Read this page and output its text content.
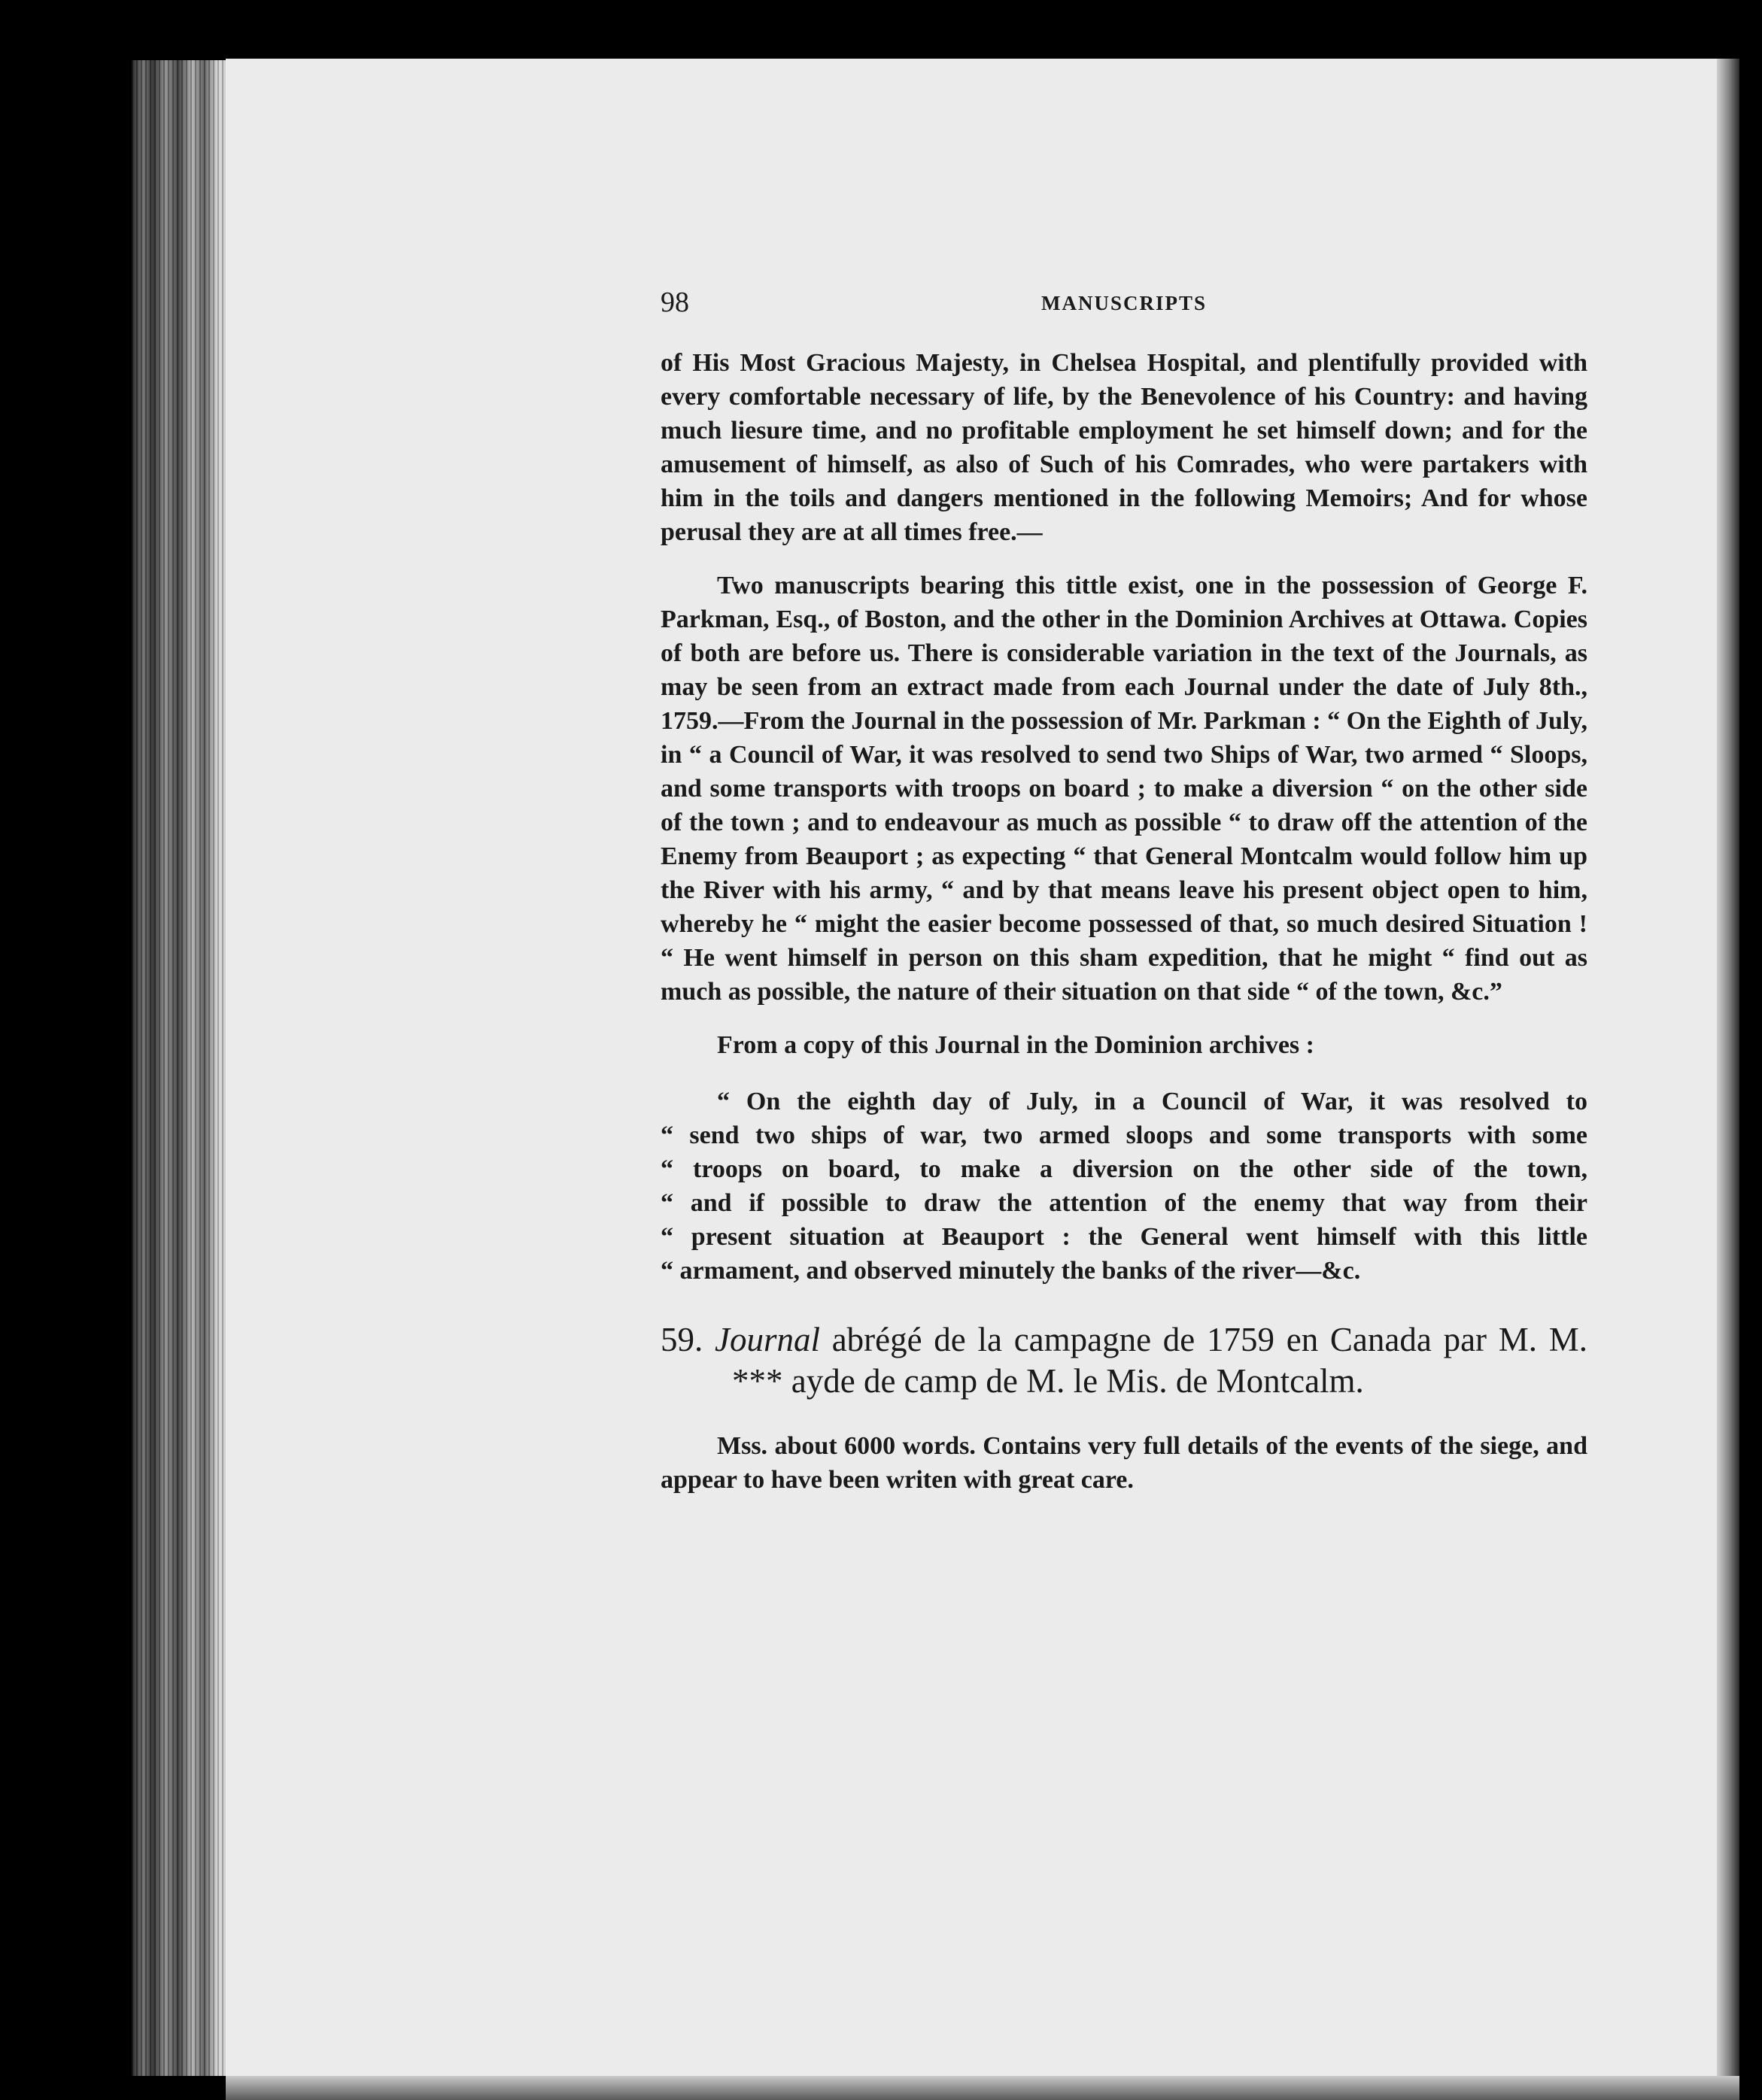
98	MANUSCRIPTS

of His Most Gracious Majesty, in Chelsea Hospital, and plentifully provided with every comfortable necessary of life, by the Benevolence of his Country: and having much liesure time, and no profitable employment he set himself down; and for the amusement of himself, as also of Such of his Comrades, who were partakers with him in the toils and dangers mentioned in the following Memoirs; And for whose perusal they are at all times free.—

Two manuscripts bearing this tittle exist, one in the possession of George F. Parkman, Esq., of Boston, and the other in the Dominion Archives at Ottawa. Copies of both are before us. There is considerable variation in the text of the Journals, as may be seen from an extract made from each Journal under the date of July 8th., 1759.—From the Journal in the possession of Mr. Parkman : “ On the Eighth of July, in “ a Council of War, it was resolved to send two Ships of War, two armed “ Sloops, and some transports with troops on board ; to make a diversion “ on the other side of the town ; and to endeavour as much as possible “ to draw off the attention of the Enemy from Beauport ; as expecting “ that General Montcalm would follow him up the River with his army, “ and by that means leave his present object open to him, whereby he “ might the easier become possessed of that, so much desired Situation ! “ He went himself in person on this sham expedition, that he might “ find out as much as possible, the nature of their situation on that side “ of the town, &c.”

From a copy of this Journal in the Dominion archives :

“ On the eighth day of July, in a Council of War, it was resolved to
“ send two ships of war, two armed sloops and some transports with some
“ troops on board, to make a diversion on the other side of the town,
“ and if possible to draw the attention of the enemy that way from their
“ present situation at Beauport : the General went himself with this little
“ armament, and observed minutely the banks of the river—&c.
59. Journal abrégé de la campagne de 1759 en Canada par M. M. *** ayde de camp de M. le Mis. de Montcalm.

Mss. about 6000 words. Contains very full details of the events of the siege, and appear to have been writen with great care.
